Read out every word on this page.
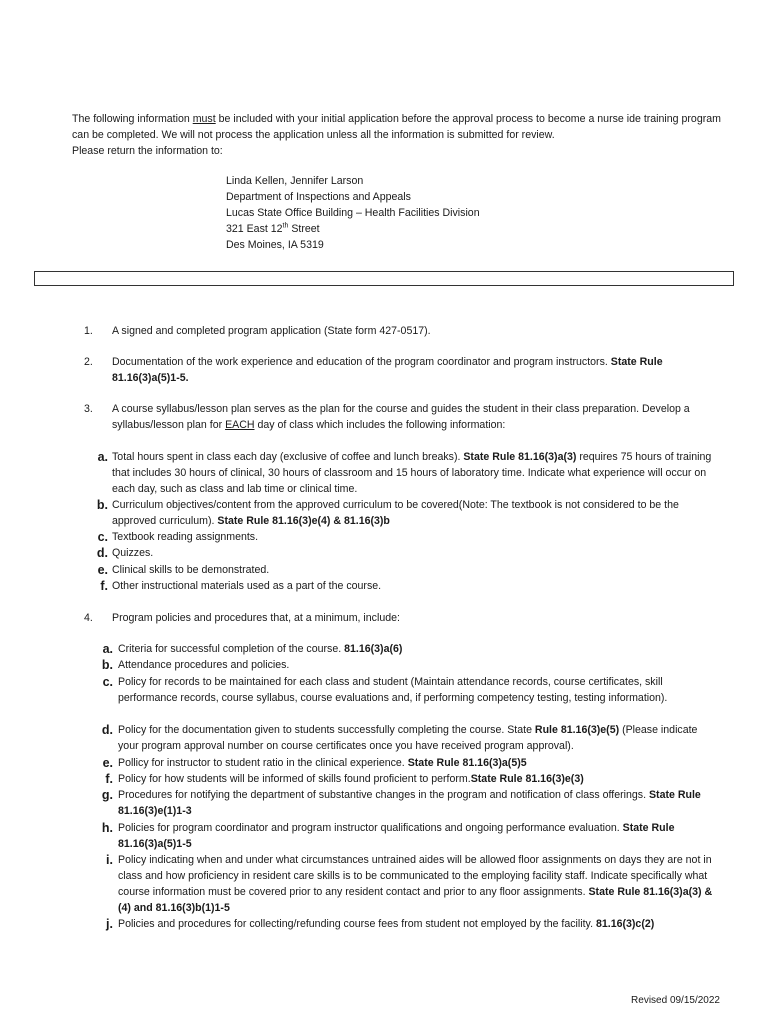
The following information must be included with your initial application before the approval process to become a nurse ide training program can be completed. We will not process the application unless all the information is submitted for review.

Please return the information to:

Linda Kellen, Jennifer Larson
Department of Inspections and Appeals
Lucas State Office Building – Health Facilities Division
321 East 12th Street
Des Moines, IA 5319
1.	A signed and completed program application (State form 427-0517).
2.	Documentation of the work experience and education of the program coordinator and program instructors. State Rule 81.16(3)a(5)1-5.
3.	A course syllabus/lesson plan serves as the plan for the course and guides the student in their class preparation. Develop a syllabus/lesson plan for EACH day of class which includes the following information:
a. Total hours spent in class each day (exclusive of coffee and lunch breaks). State Rule 81.16(3)a(3) requires 75 hours of training that includes 30 hours of clinical, 30 hours of classroom and 15 hours of laboratory time. Indicate what experience will occur on each day, such as class and lab time or clinical time.
b. Curriculum objectives/content from the approved curriculum to be covered(Note: The textbook is not considered to be the approved curriculum). State Rule 81.16(3)e(4) & 81.16(3)b
c. Textbook reading assignments.
d. Quizzes.
e. Clinical skills to be demonstrated.
f. Other instructional materials used as a part of the course.
4.	Program policies and procedures that, at a minimum, include:
a. Criteria for successful completion of the course. 81.16(3)a(6)
b. Attendance procedures and policies.
c. Policy for records to be maintained for each class and student (Maintain attendance records, course certificates, skill performance records, course syllabus, course evaluations and, if performing competency testing, testing information).
d. Policy for the documentation given to students successfully completing the course. State Rule 81.16(3)e(5) (Please indicate your program approval number on course certificates once you have received program approval).
e. Pollicy for instructor to student ratio in the clinical experience. State Rule 81.16(3)a(5)5
f. Policy for how students will be informed of skills found proficient to perform.State Rule 81.16(3)e(3)
g. Procedures for notifying the department of substantive changes in the program and notification of class offerings. State Rule 81.16(3)e(1)1-3
h. Policies for program coordinator and program instructor qualifications and ongoing performance evaluation. State Rule 81.16(3)a(5)1-5
i. Policy indicating when and under what circumstances untrained aides will be allowed floor assignments on days they are not in class and how proficiency in resident care skills is to be communicated to the employing facility staff. Indicate specifically what course information must be covered prior to any resident contact and prior to any floor assignments. State Rule 81.16(3)a(3) & (4) and 81.16(3)b(1)1-5
j. Policies and procedures for collecting/refunding course fees from student not employed by the facility. 81.16(3)c(2)
Revised 09/15/2022
